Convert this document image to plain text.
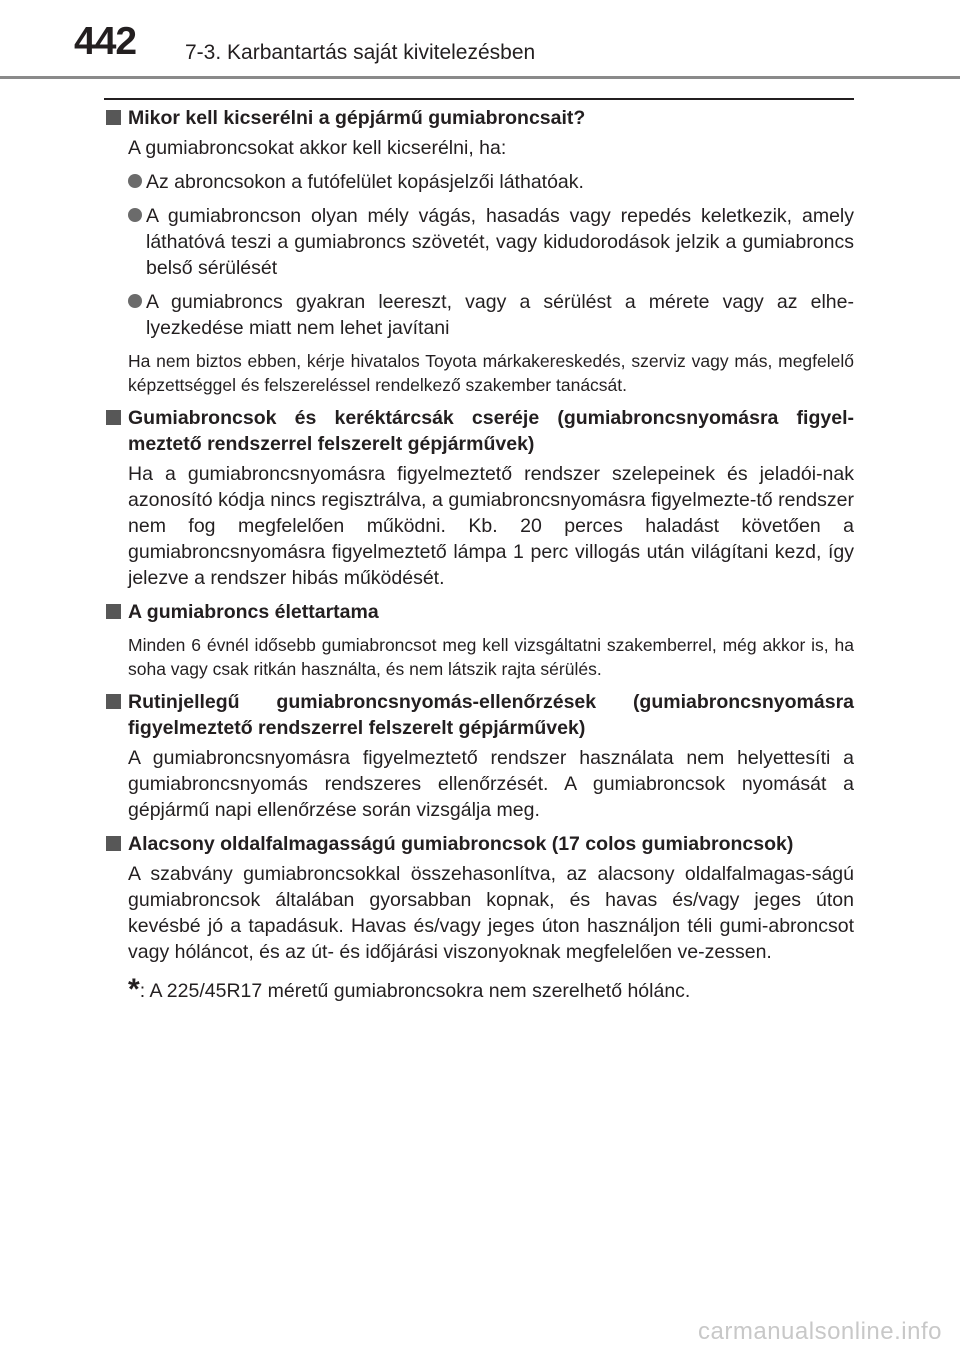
442 7-3. Karbantartás saját kivitelezésben
Mikor kell kicserélni a gépjármű gumiabroncsait?
A gumiabroncsokat akkor kell kicserélni, ha:
Az abroncsokon a futófelület kopásjelzői láthatóak.
A gumiabroncson olyan mély vágás, hasadás vagy repedés keletkezik, amely láthatóvá teszi a gumiabroncs szövetét, vagy kidudorodások jelzik a gumiabroncs belső sérülését
A gumiabroncs gyakran leereszt, vagy a sérülést a mérete vagy az elhe-lyezkedése miatt nem lehet javítani
Ha nem biztos ebben, kérje hivatalos Toyota márkakereskedés, szerviz vagy más, megfelelő képzettséggel és felszereléssel rendelkező szakember tanácsát.
Gumiabroncsok és keréktárcsák cseréje (gumiabroncsnyomásra figyel-meztető rendszerrel felszerelt gépjárművek)
Ha a gumiabroncsnyomásra figyelmeztető rendszer szelepeinek és jeladói-nak azonosító kódja nincs regisztrálva, a gumiabroncsnyomásra figyelmezte-tő rendszer nem fog megfelelően működni. Kb. 20 perces haladást követően a gumiabroncsnyomásra figyelmeztető lámpa 1 perc villogás után világítani kezd, így jelezve a rendszer hibás működését.
A gumiabroncs élettartama
Minden 6 évnél idősebb gumiabroncsot meg kell vizsgáltatni szakemberrel, még akkor is, ha soha vagy csak ritkán használta, és nem látszik rajta sérülés.
Rutinjellegű gumiabroncsnyomás-ellenőrzések (gumiabroncsnyomásra figyelmeztető rendszerrel felszerelt gépjárművek)
A gumiabroncsnyomásra figyelmeztető rendszer használata nem helyettesíti a gumiabroncsnyomás rendszeres ellenőrzését. A gumiabroncsok nyomását a gépjármű napi ellenőrzése során vizsgálja meg.
Alacsony oldalfalmagasságú gumiabroncsok (17 colos gumiabroncsok)
A szabvány gumiabroncsokkal összehasonlítva, az alacsony oldalfalmagas-ságú gumiabroncsok általában gyorsabban kopnak, és havas és/vagy jeges úton kevésbé jó a tapadásuk. Havas és/vagy jeges úton használjon téli gumi-abroncsot vagy hóláncot, és az út- és időjárási viszonyoknak megfelelően ve-zessen.
*: A 225/45R17 méretű gumiabroncsokra nem szerelhető hólánc.
carmanualsonline.info
